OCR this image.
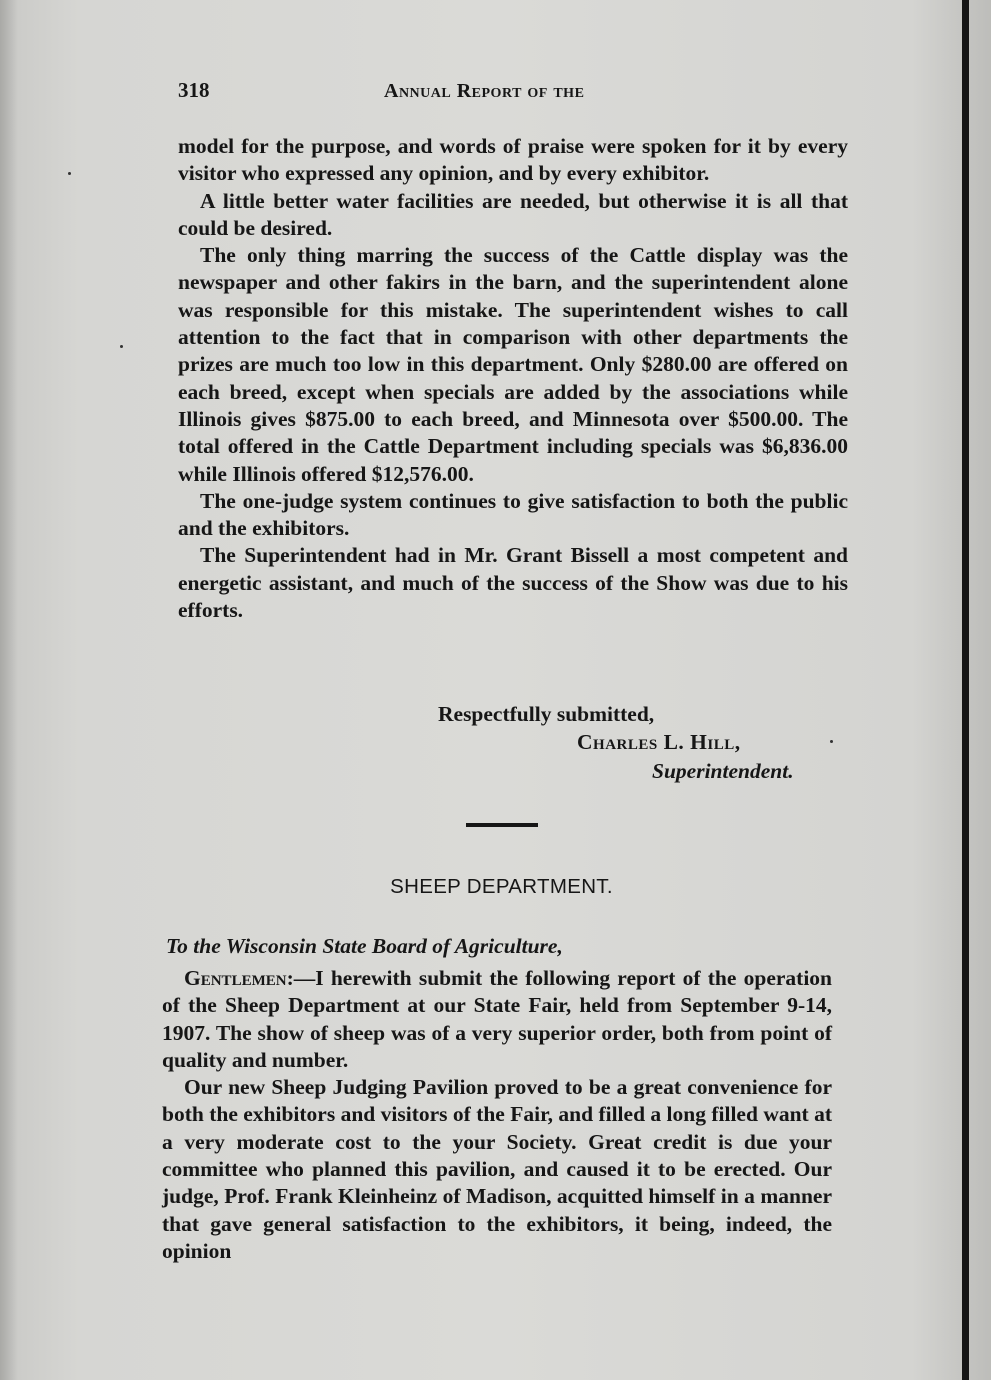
318	Annual Report of the

model for the purpose, and words of praise were spoken for it by every visitor who expressed any opinion, and by every exhibitor.

A little better water facilities are needed, but otherwise it is all that could be desired.

The only thing marring the success of the Cattle display was the newspaper and other fakirs in the barn, and the superintendent alone was responsible for this mistake. The superintendent wishes to call attention to the fact that in comparison with other departments the prizes are much too low in this department. Only $280.00 are offered on each breed, except when specials are added by the associations while Illinois gives $875.00 to each breed, and Minnesota over $500.00. The total offered in the Cattle Department including specials was $6,836.00 while Illinois offered $12,576.00.

The one-judge system continues to give satisfaction to both the public and the exhibitors.

The Superintendent had in Mr. Grant Bissell a most competent and energetic assistant, and much of the success of the Show was due to his efforts.

Respectfully submitted,
Charles L. Hill,
Superintendent.
SHEEP DEPARTMENT.
To the Wisconsin State Board of Agriculture,

Gentlemen:—I herewith submit the following report of the operation of the Sheep Department at our State Fair, held from September 9-14, 1907. The show of sheep was of a very superior order, both from point of quality and number.

Our new Sheep Judging Pavilion proved to be a great convenience for both the exhibitors and visitors of the Fair, and filled a long filled want at a very moderate cost to the your Society. Great credit is due your committee who planned this pavilion, and caused it to be erected. Our judge, Prof. Frank Kleinheinz of Madison, acquitted himself in a manner that gave general satisfaction to the exhibitors, it being, indeed, the opinion
